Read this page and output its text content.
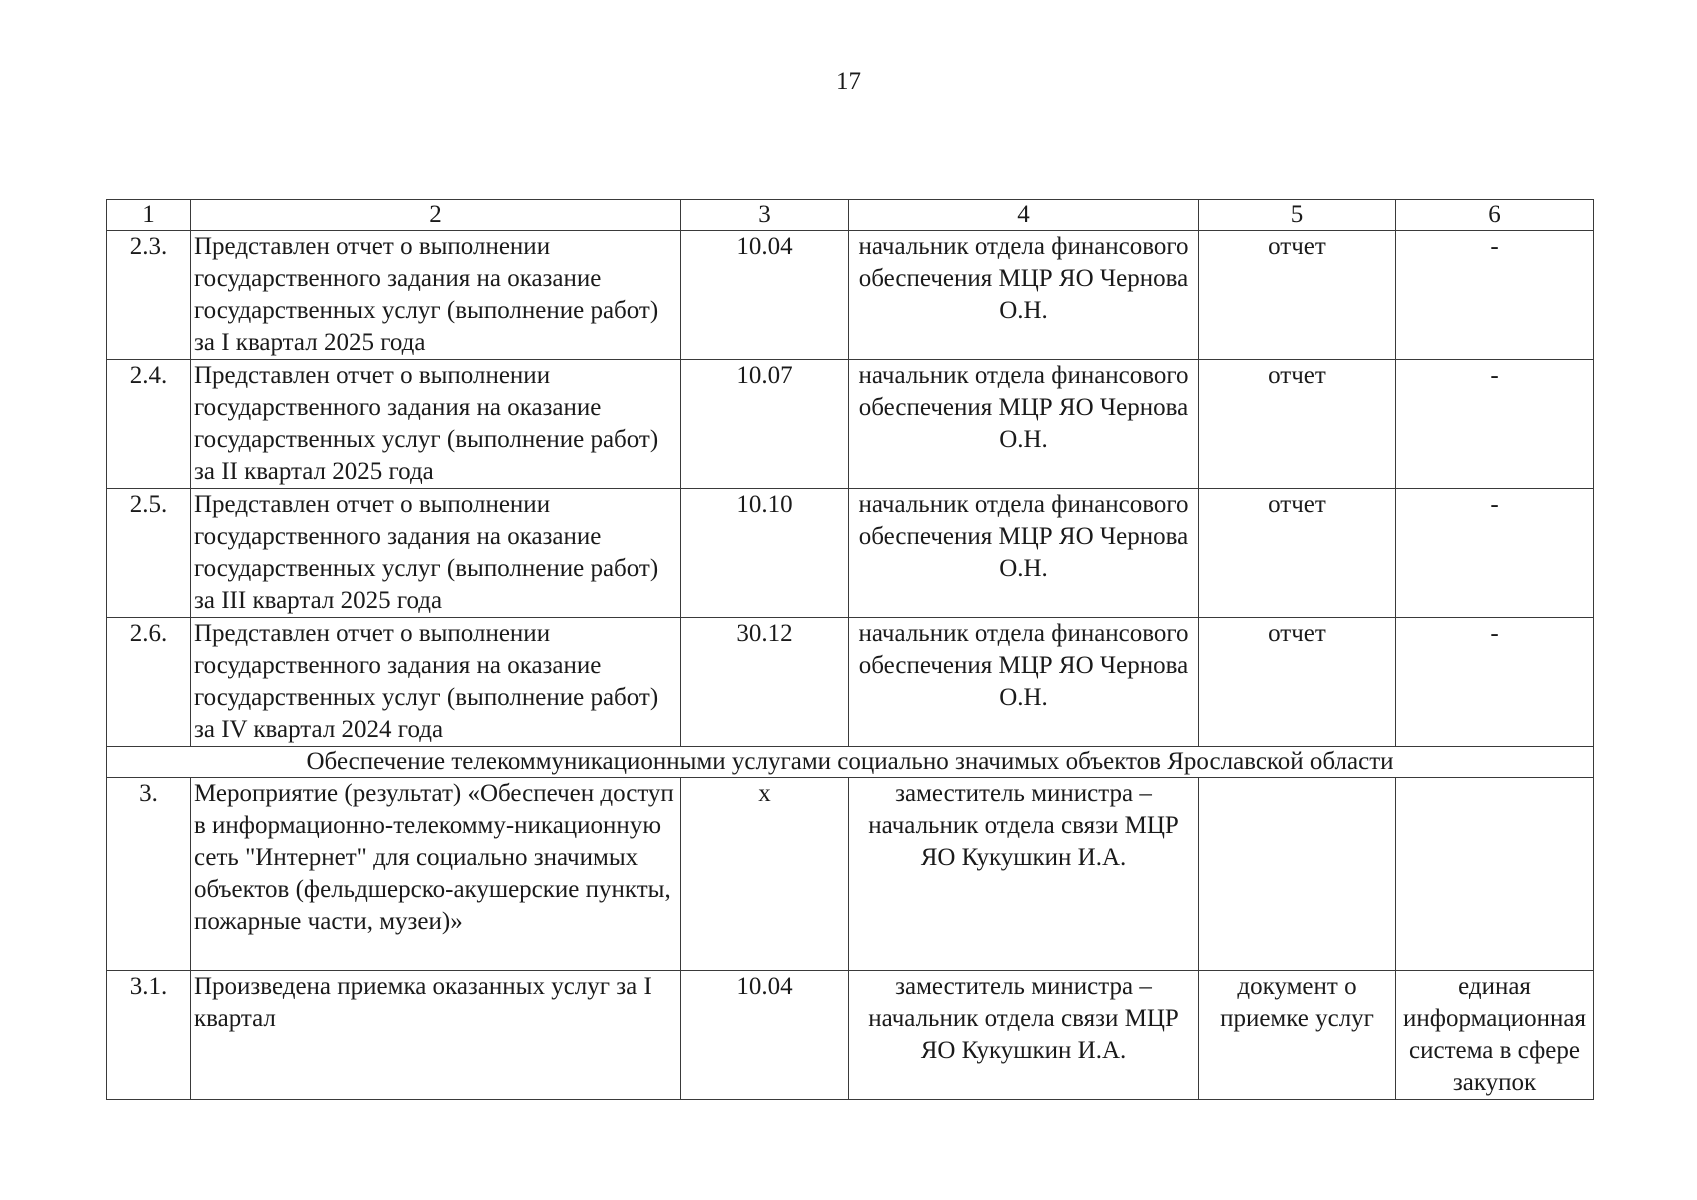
17
1	2	3	4	5	6
2.3.	Представлен отчет о выполнении государственного задания на оказание государственных услуг (выполнение работ) за I квартал 2025 года	10.04	начальник отдела финансового обеспечения МЦР ЯО Чернова О.Н.	отчет	-
2.4.	Представлен отчет о выполнении государственного задания на оказание государственных услуг (выполнение работ) за II квартал 2025 года	10.07	начальник отдела финансового обеспечения МЦР ЯО Чернова О.Н.	отчет	-
2.5.	Представлен отчет о выполнении государственного задания на оказание государственных услуг (выполнение работ) за III квартал 2025 года	10.10	начальник отдела финансового обеспечения МЦР ЯО Чернова О.Н.	отчет	-
2.6.	Представлен отчет о выполнении государственного задания на оказание государственных услуг (выполнение работ) за IV квартал 2024 года	30.12	начальник отдела финансового обеспечения МЦР ЯО Чернова О.Н.	отчет	-
Обеспечение телекоммуникационными услугами социально значимых объектов Ярославской области					
3.	Мероприятие (результат) «Обеспечен доступ в информационно-телекомму-никационную сеть "Интернет" для социально значимых объектов (фельдшерско-акушерские пункты, пожарные части, музеи)»	х	заместитель министра – начальник отдела связи МЦР ЯО Кукушкин И.А.		
3.1.	Произведена приемка оказанных услуг за I квартал	10.04	заместитель министра – начальник отдела связи МЦР ЯО Кукушкин И.А.	документ о приемке услуг	единая информационная система в сфере закупок
